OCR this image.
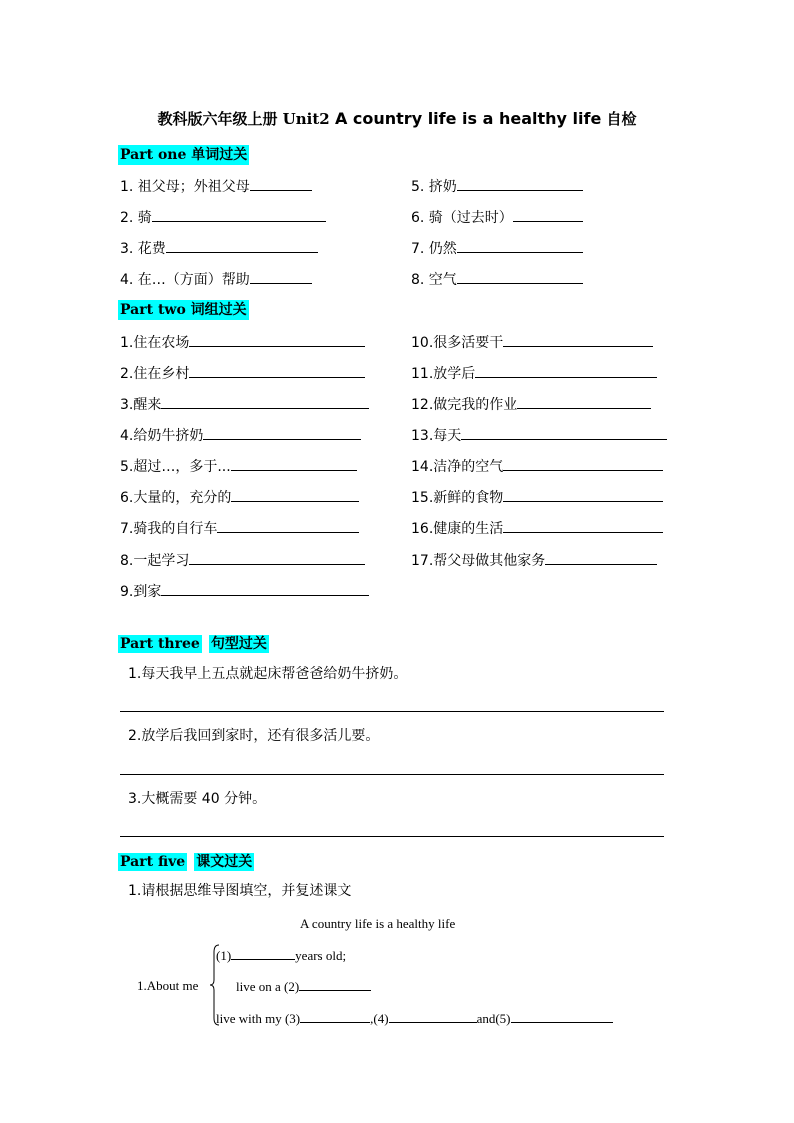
教科版六年级上册 Unit2 A country life is a healthy life 自检
Part one 单词过关
1. 祖父母；外祖父母
2. 骑
3. 花费
4. 在…（方面）帮助
5. 挤奶
6. 骑（过去时）
7. 仍然
8. 空气
Part two 词组过关
1.住在农场
2.住在乡村
3.醒来
4.给奶牛挤奶
5.超过…，多于...
6.大量的，充分的
7.骑我的自行车
8.一起学习
9.到家
10.很多活要干
11.放学后
12.做完我的作业
13.每天
14.洁净的空气
15.新鲜的食物
16.健康的生活
17.帮父母做其他家务
Part three 句型过关
1.每天我早上五点就起床帮爸爸给奶牛挤奶。
2.放学后我回到家时，还有很多活儿要。
3.大概需要 40 分钟。
Part five 课文过关
1.请根据思维导图填空，并复述课文
A country life is a healthy life
1.About me
(1)	years old;
live on a (2)
live with my (3)	,(4)	and(5)
